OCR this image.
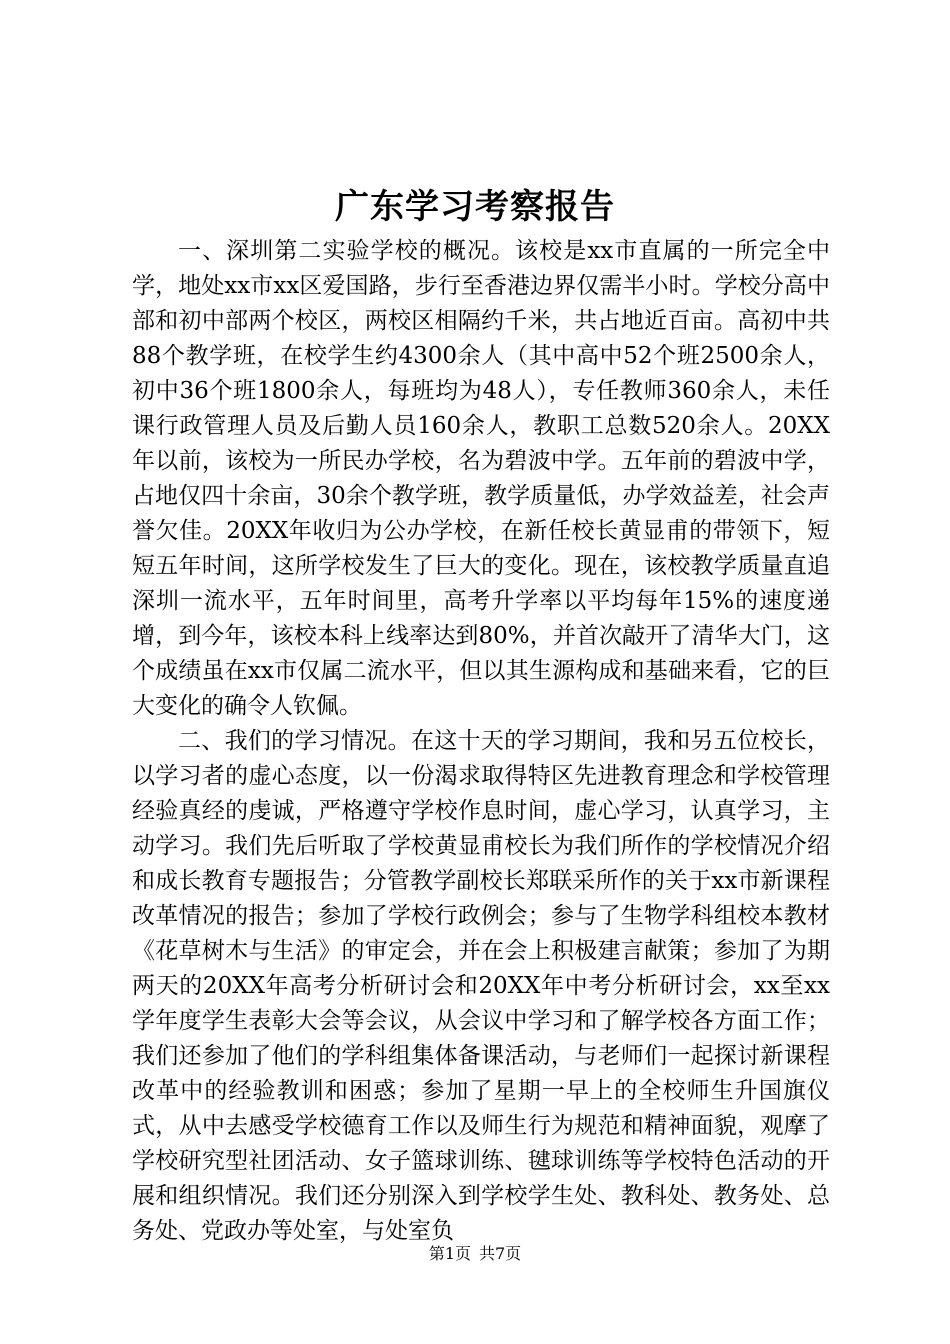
广东学习考察报告

一、深圳第二实验学校的概况。该校是xx市直属的一所完全中学，地处xx市xx区爱国路，步行至香港边界仅需半小时。学校分高中部和初中部两个校区，两校区相隔约千米，共占地近百亩。高初中共88个教学班，在校学生约4300余人（其中高中52个班2500余人，初中36个班1800余人，每班均为48人），专任教师360余人，未任课行政管理人员及后勤人员160余人，教职工总数520余人。20XX年以前，该校为一所民办学校，名为碧波中学。五年前的碧波中学，占地仅四十余亩，30余个教学班，教学质量低，办学效益差，社会声誉欠佳。20XX年收归为公办学校，在新任校长黄显甫的带领下，短短五年时间，这所学校发生了巨大的变化。现在，该校教学质量直追深圳一流水平，五年时间里，高考升学率以平均每年15%的速度递增，到今年，该校本科上线率达到80%，并首次敲开了清华大门，这个成绩虽在xx市仅属二流水平，但以其生源构成和基础来看，它的巨大变化的确令人钦佩。

二、我们的学习情况。在这十天的学习期间，我和另五位校长，以学习者的虚心态度，以一份渴求取得特区先进教育理念和学校管理经验真经的虔诚，严格遵守学校作息时间，虚心学习，认真学习，主动学习。我们先后听取了学校黄显甫校长为我们所作的学校情况介绍和成长教育专题报告；分管教学副校长郑联采所作的关于xx市新课程改革情况的报告；参加了学校行政例会；参与了生物学科组校本教材《花草树木与生活》的审定会，并在会上积极建言献策；参加了为期两天的20XX年高考分析研讨会和20XX年中考分析研讨会，xx至xx学年度学生表彰大会等会议，从会议中学习和了解学校各方面工作；我们还参加了他们的学科组集体备课活动，与老师们一起探讨新课程改革中的经验教训和困惑；参加了星期一早上的全校师生升国旗仪式，从中去感受学校德育工作以及师生行为规范和精神面貌，观摩了学校研究型社团活动、女子篮球训练、毽球训练等学校特色活动的开展和组织情况。我们还分别深入到学校学生处、教科处、教务处、总务处、党政办等处室，与处室负

第1页 共7页
